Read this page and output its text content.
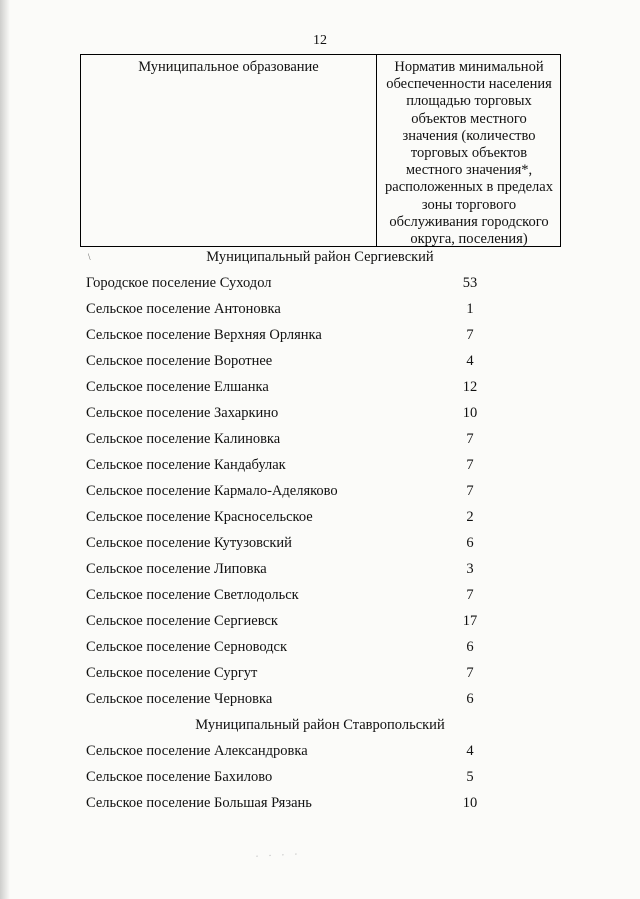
12
Муниципальное образование	Норматив минимальной
обеспеченности населения
площадью торговых
объектов местного
значения (количество
торговых объектов
местного значения*,
расположенных в пределах
зоны торгового
обслуживания городского
округа, поселения)
\	Муниципальный район Сергиевский
Городское поселение Суходол	53
Сельское поселение Антоновка	1
Сельское поселение Верхняя Орлянка	7
Сельское поселение Воротнее	4
Сельское поселение Елшанка	12
Сельское поселение Захаркино	10
Сельское поселение Калиновка	7
Сельское поселение Кандабулак	7
Сельское поселение Кармало-Аделяково	7
Сельское поселение Красносельское	2
Сельское поселение Кутузовский	6
Сельское поселение Липовка	3
Сельское поселение Светлодольск	7
Сельское поселение Сергиевск	17
Сельское поселение Серноводск	6
Сельское поселение Сургут	7
Сельское поселение Черновка	6
Муниципальный район Ставропольский
Сельское поселение Александровка	4
Сельское поселение Бахилово	5
Сельское поселение Большая Рязань	10
· · · ·
